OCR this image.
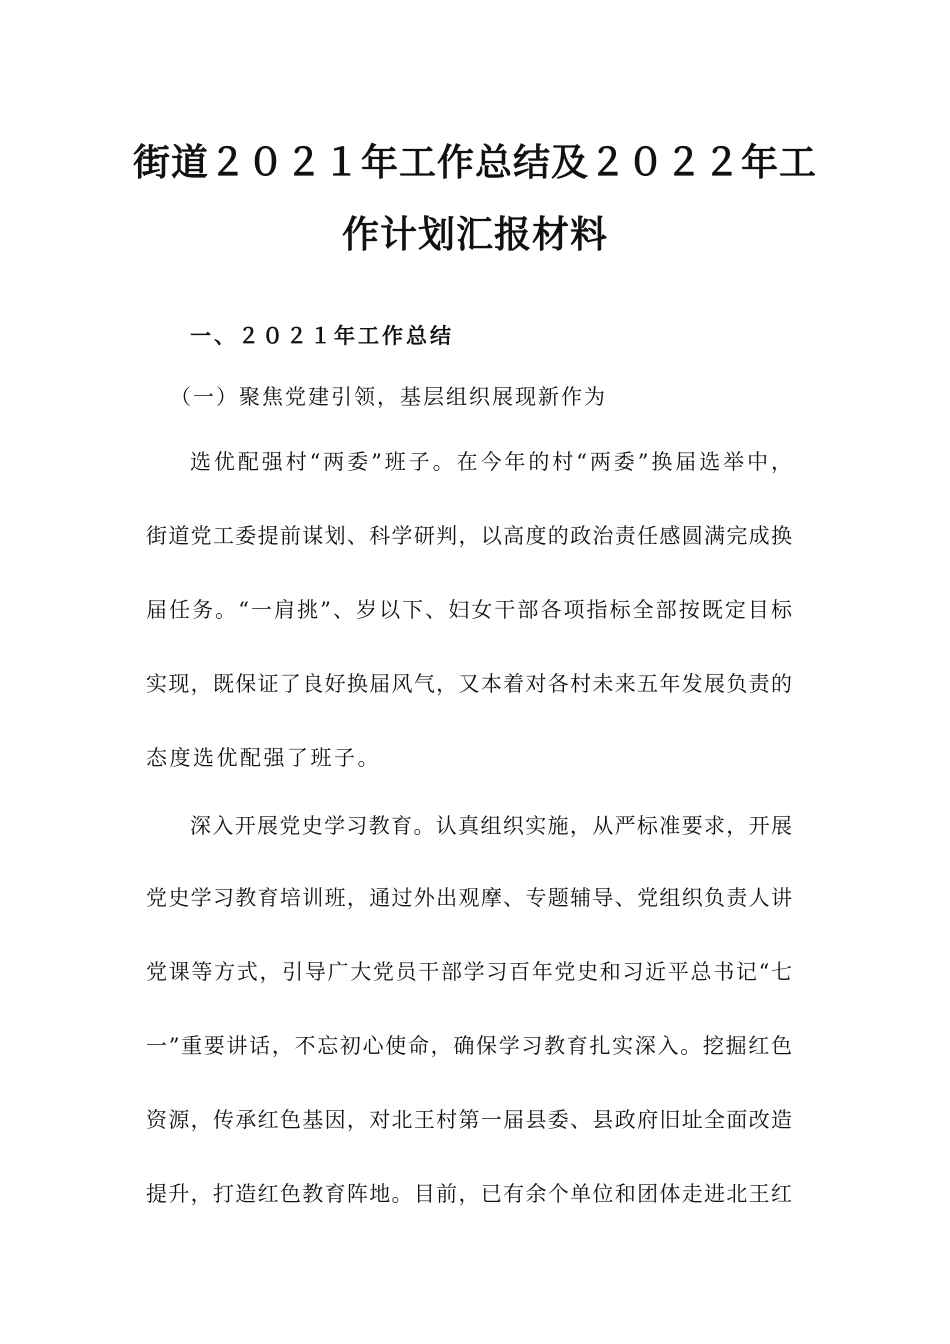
街道２０２１年工作总结及２０２２年工
作计划汇报材料
一、２０２１年工作总结
（一）聚焦党建引领，基层组织展现新作为
选优配强村“两委”班子。在今年的村“两委”换届选举中，
街道党工委提前谋划、科学研判，以高度的政治责任感圆满完成换
届任务。“一肩挑”、岁以下、妇女干部各项指标全部按既定目标
实现，既保证了良好换届风气，又本着对各村未来五年发展负责的
态度选优配强了班子。
深入开展党史学习教育。认真组织实施，从严标准要求，开展
党史学习教育培训班，通过外出观摩、专题辅导、党组织负责人讲
党课等方式，引导广大党员干部学习百年党史和习近平总书记“七
一”重要讲话，不忘初心使命，确保学习教育扎实深入。挖掘红色
资源，传承红色基因，对北王村第一届县委、县政府旧址全面改造
提升，打造红色教育阵地。目前，已有余个单位和团体走进北王红
